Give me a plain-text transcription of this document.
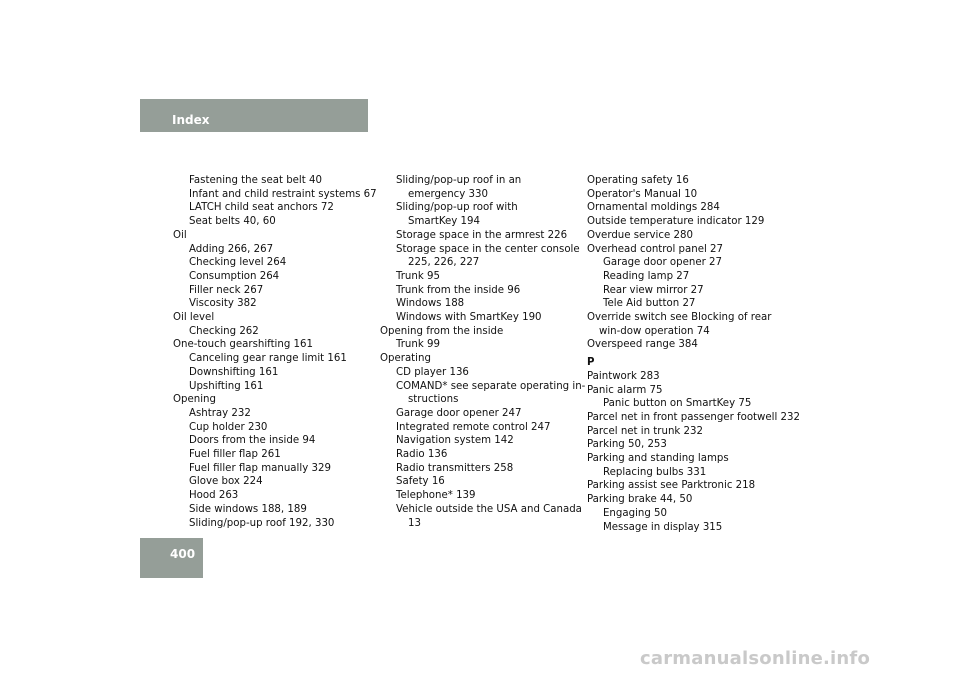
Index
400
Fastening the seat belt 40
Infant and child restraint systems 67
LATCH child seat anchors 72
Seat belts 40, 60
Oil
Adding 266, 267
Checking level 264
Consumption 264
Filler neck 267
Viscosity 382
Oil level
Checking 262
One-touch gearshifting 161
Canceling gear range limit 161
Downshifting 161
Upshifting 161
Opening
Ashtray 232
Cup holder 230
Doors from the inside 94
Fuel filler flap 261
Fuel filler flap manually 329
Glove box 224
Hood 263
Side windows 188, 189
Sliding/pop-up roof 192, 330
Sliding/pop-up roof in an emergency 330
Sliding/pop-up roof with SmartKey 194
Storage space in the armrest 226
Storage space in the center console 225, 226, 227
Trunk 95
Trunk from the inside 96
Windows 188
Windows with SmartKey 190
Opening from the inside
Trunk 99
Operating
CD player 136
COMAND* see separate operating in-structions
Garage door opener 247
Integrated remote control 247
Navigation system 142
Radio 136
Radio transmitters 258
Safety 16
Telephone* 139
Vehicle outside the USA and Canada 13
Operating safety 16
Operator's Manual 10
Ornamental moldings 284
Outside temperature indicator 129
Overdue service 280
Overhead control panel 27
Garage door opener 27
Reading lamp 27
Rear view mirror 27
Tele Aid button 27
Override switch see Blocking of rear win-dow operation 74
Overspeed range 384
P
Paintwork 283
Panic alarm 75
Panic button on SmartKey 75
Parcel net in front passenger footwell 232
Parcel net in trunk 232
Parking 50, 253
Parking and standing lamps
Replacing bulbs 331
Parking assist see Parktronic 218
Parking brake 44, 50
Engaging 50
Message in display 315
carmanualsonline.info
